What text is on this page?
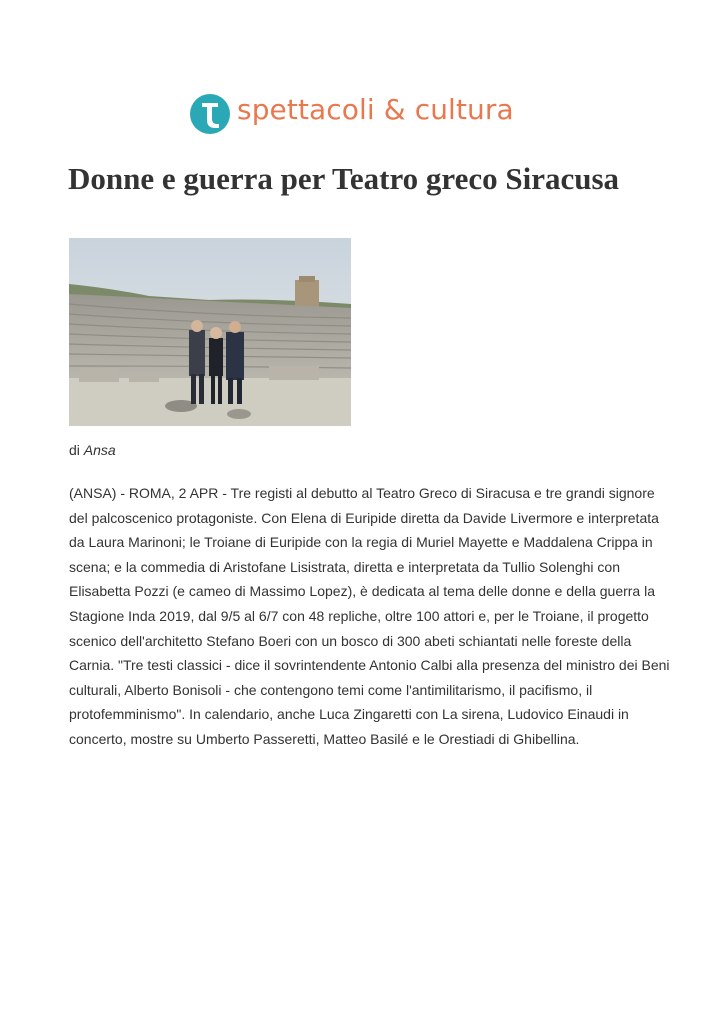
spettacoli & cultura
Donne e guerra per Teatro greco Siracusa
di Ansa

(ANSA) - ROMA, 2 APR - Tre registi al debutto al Teatro Greco di Siracusa e tre grandi signore del palcoscenico protagoniste. Con Elena di Euripide diretta da Davide Livermore e interpretata da Laura Marinoni; le Troiane di Euripide con la regia di Muriel Mayette e Maddalena Crippa in scena; e la commedia di Aristofane Lisistrata, diretta e interpretata da Tullio Solenghi con Elisabetta Pozzi (e cameo di Massimo Lopez), è dedicata al tema delle donne e della guerra la Stagione Inda 2019, dal 9/5 al 6/7 con 48 repliche, oltre 100 attori e, per le Troiane, il progetto scenico dell'architetto Stefano Boeri con un bosco di 300 abeti schiantati nelle foreste della Carnia. "Tre testi classici - dice il sovrintendente Antonio Calbi alla presenza del ministro dei Beni culturali, Alberto Bonisoli - che contengono temi come l'antimilitarismo, il pacifismo, il protofemminismo". In calendario, anche Luca Zingaretti con La sirena, Ludovico Einaudi in concerto, mostre su Umberto Passeretti, Matteo Basilé e le Orestiadi di Ghibellina.
